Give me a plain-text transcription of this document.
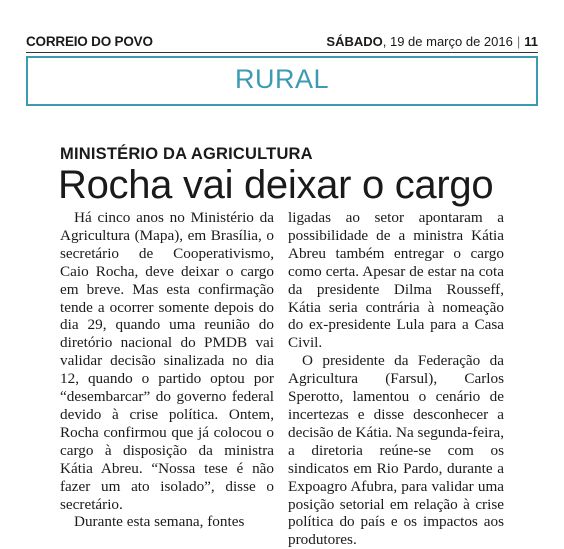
CORREIO DO POVO	SÁBADO, 19 de março de 2016 | 11
RURAL
MINISTÉRIO DA AGRICULTURA
Rocha vai deixar o cargo

Há cinco anos no Ministério da Agricultura (Mapa), em Brasília, o secretário de Cooperativismo, Caio Rocha, deve deixar o cargo em breve. Mas esta confirmação tende a ocorrer somente depois do dia 29, quando uma reunião do diretório nacional do PMDB vai validar decisão sinalizada no dia 12, quando o partido optou por “desembarcar” do governo federal devido à crise política. Ontem, Rocha confirmou que já colocou o cargo à disposição da ministra Kátia Abreu. “Nossa tese é não fazer um ato isolado”, disse o secretário.

Durante esta semana, fontes

ligadas ao setor apontaram a possibilidade de a ministra Kátia Abreu também entregar o cargo como certa. Apesar de estar na cota da presidente Dilma Rousseff, Kátia seria contrária à nomeação do ex-presidente Lula para a Casa Civil.

O presidente da Federação da Agricultura (Farsul), Carlos Sperotto, lamentou o cenário de incertezas e disse desconhecer a decisão de Kátia. Na segunda-feira, a diretoria reúne-se com os sindicatos em Rio Pardo, durante a Expoagro Afubra, para validar uma posição setorial em relação à crise política do país e os impactos aos produtores.
